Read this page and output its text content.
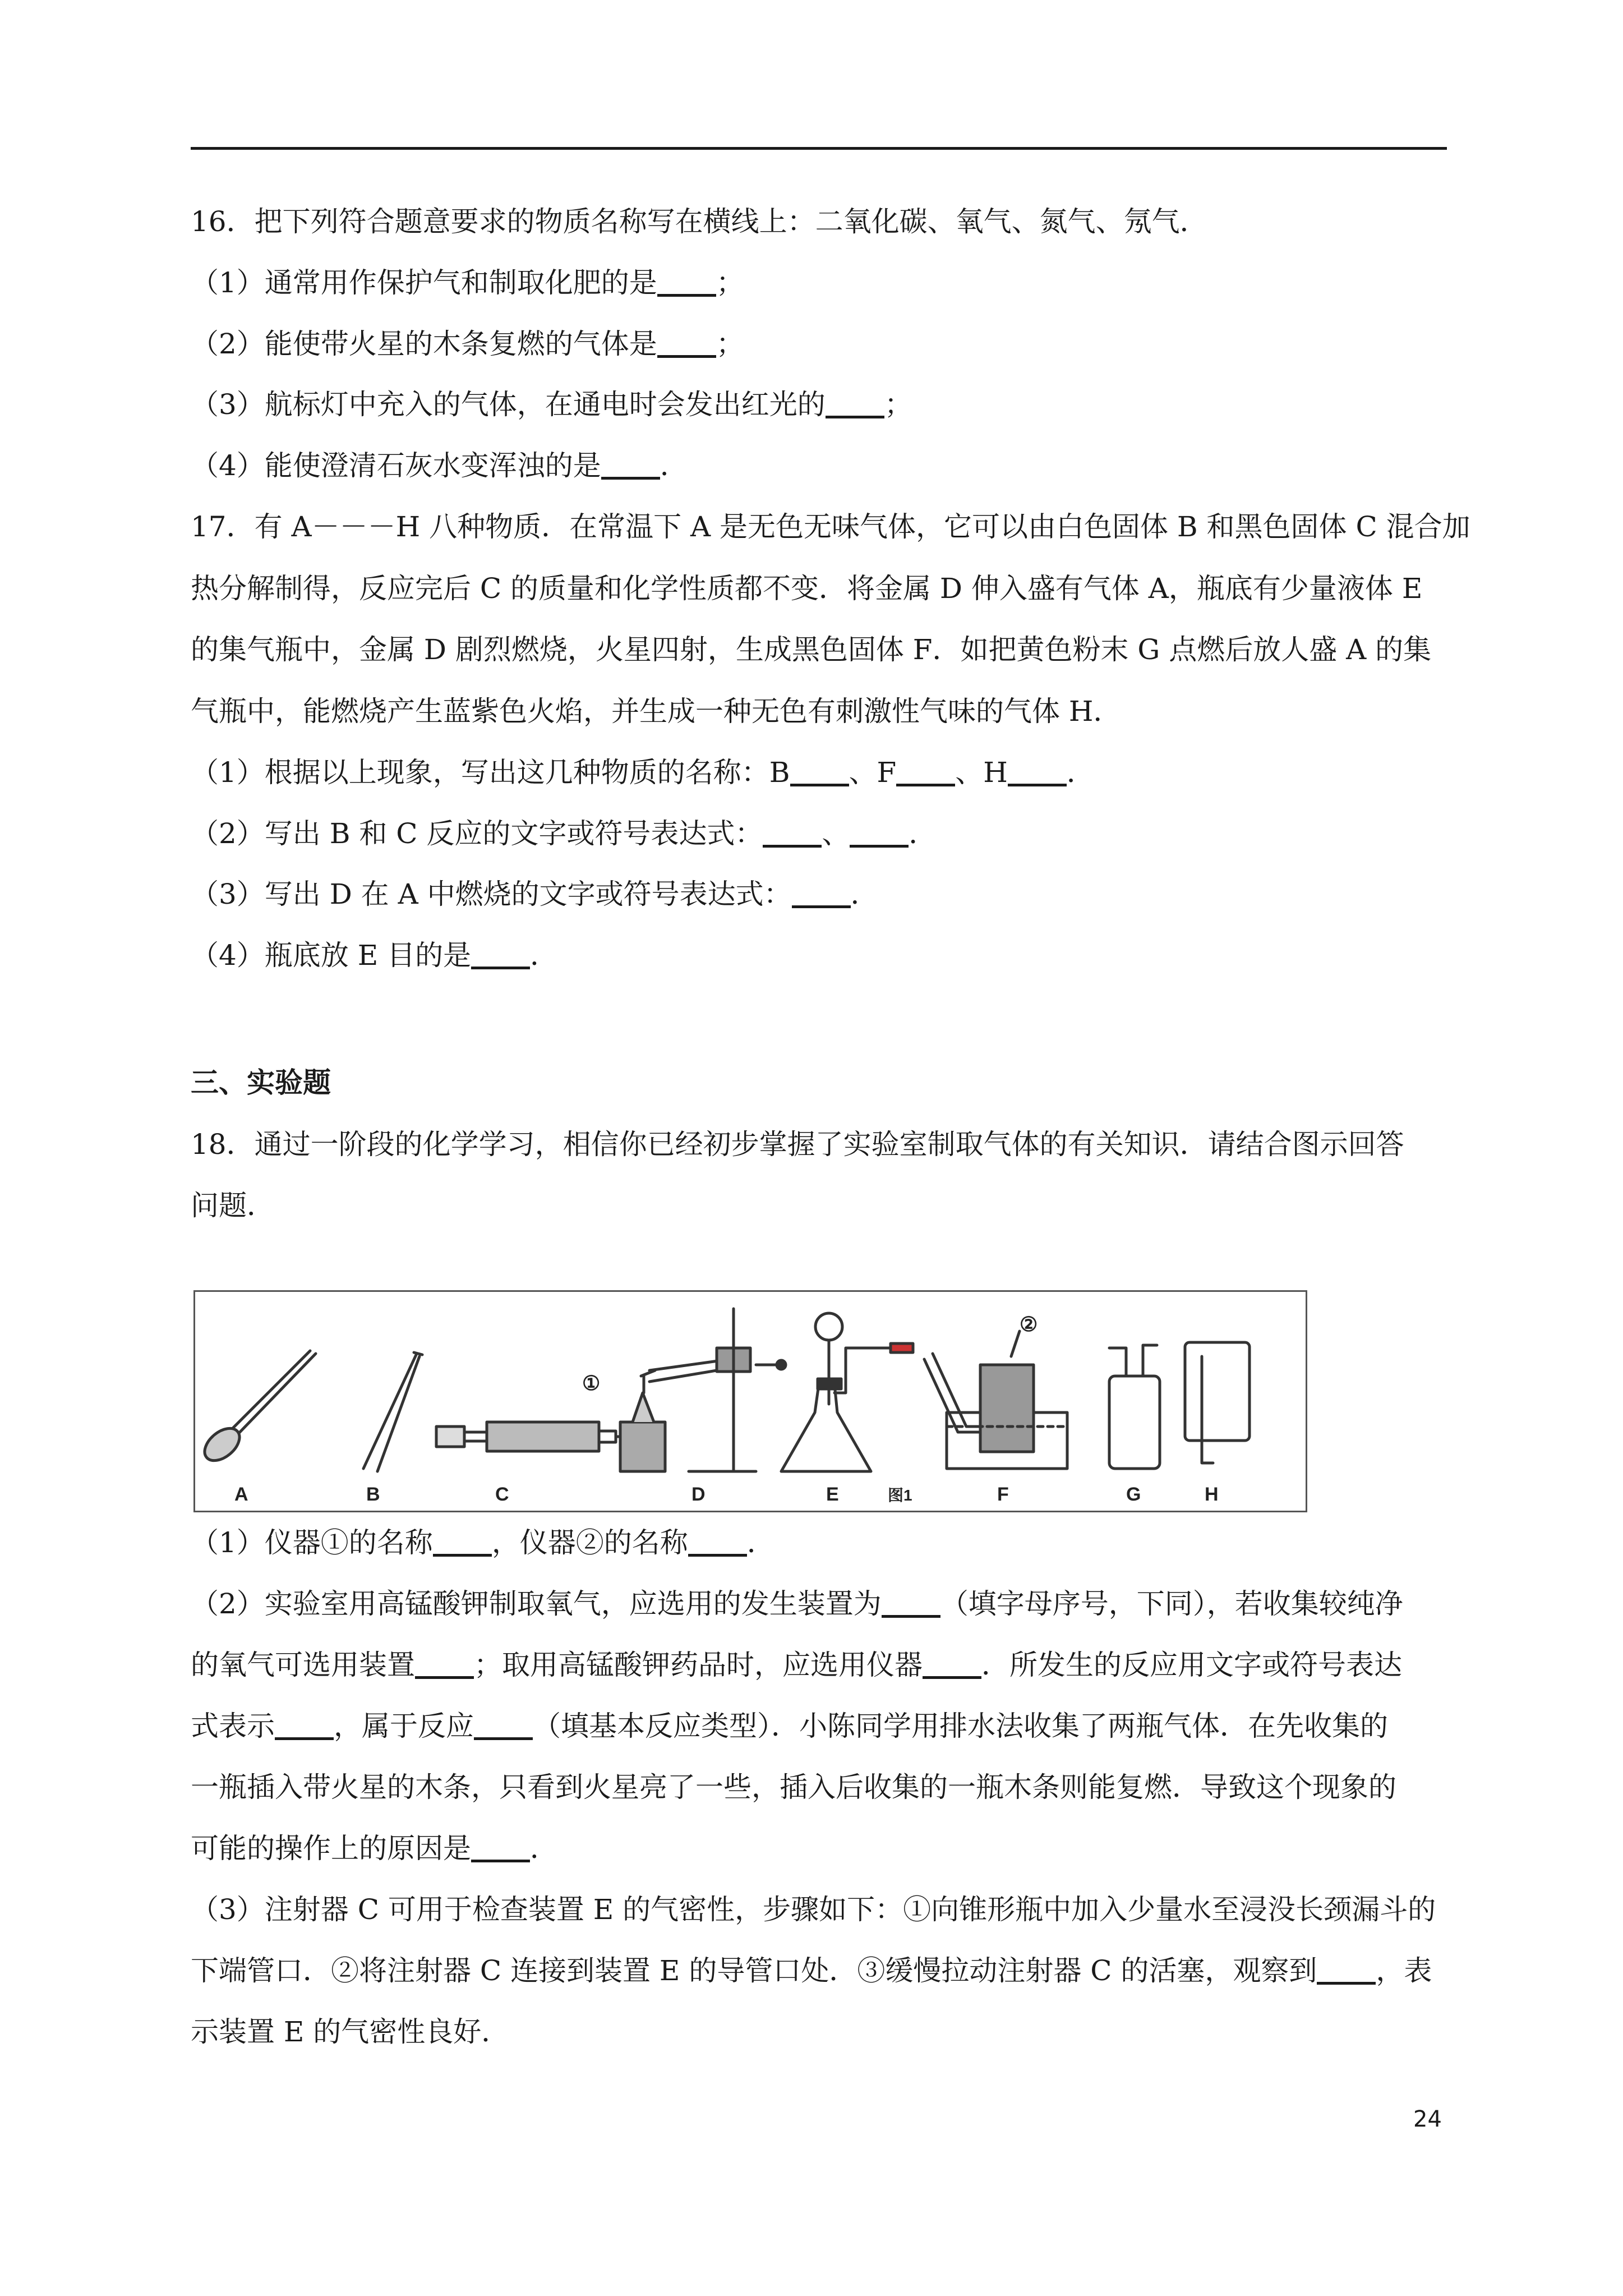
16．把下列符合题意要求的物质名称写在横线上：二氧化碳、氧气、氮气、氖气．
（1）通常用作保护气和制取化肥的是 ；
（2）能使带火星的木条复燃的气体是 ；
（3）航标灯中充入的气体，在通电时会发出红光的 ；
（4）能使澄清石灰水变浑浊的是 ．
17．有 A－－－H 八种物质．在常温下 A 是无色无味气体，它可以由白色固体 B 和黑色固体 C 混合加
热分解制得，反应完后 C 的质量和化学性质都不变．将金属 D 伸入盛有气体 A，瓶底有少量液体 E
的集气瓶中，金属 D 剧烈燃烧，火星四射，生成黑色固体 F．如把黄色粉末 G 点燃后放人盛 A 的集
气瓶中，能燃烧产生蓝紫色火焰，并生成一种无色有刺激性气味的气体 H．
（1）根据以上现象，写出这几种物质的名称：B 、F 、H ．
（2）写出 B 和 C 反应的文字或符号表达式： 、 ．
（3）写出 D 在 A 中燃烧的文字或符号表达式： ．
（4）瓶底放 E 目的是 ．
三、实验题
18．通过一阶段的化学学习，相信你已经初步掌握了实验室制取气体的有关知识．请结合图示回答
问题．
A	B	C	D	E	图1	F	G	H
①
②
（1）仪器①的名称 ，仪器②的名称 ．
（2）实验室用高锰酸钾制取氧气，应选用的发生装置为 （填字母序号，下同），若收集较纯净
的氧气可选用装置 ；取用高锰酸钾药品时，应选用仪器 ．所发生的反应用文字或符号表达
式表示 ，属于反应 （填基本反应类型）．小陈同学用排水法收集了两瓶气体．在先收集的
一瓶插入带火星的木条，只看到火星亮了一些，插入后收集的一瓶木条则能复燃．导致这个现象的
可能的操作上的原因是 ．
（3）注射器 C 可用于检查装置 E 的气密性，步骤如下：①向锥形瓶中加入少量水至浸没长颈漏斗的
下端管口．②将注射器 C 连接到装置 E 的导管口处．③缓慢拉动注射器 C 的活塞，观察到 ，表
示装置 E 的气密性良好．
24
